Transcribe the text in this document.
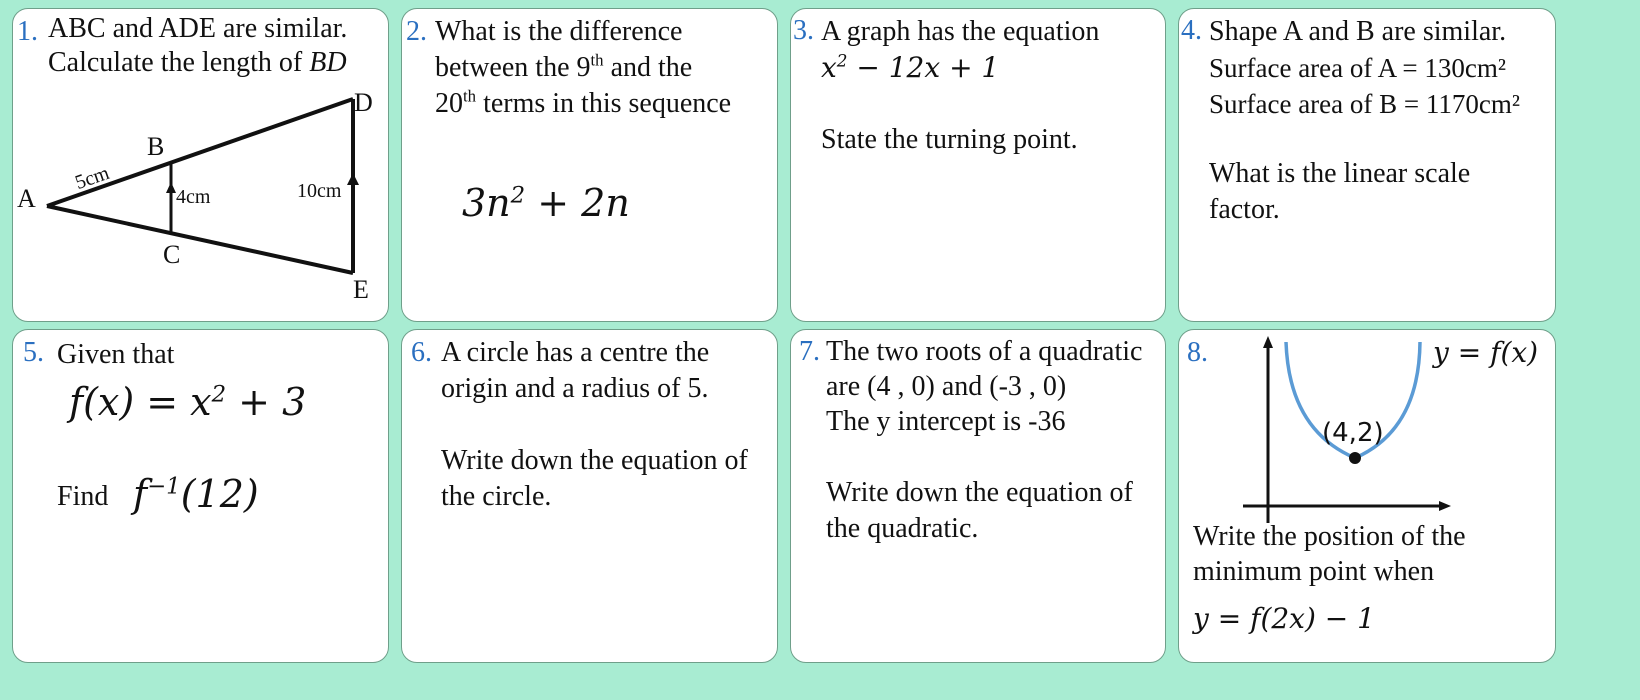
1. ABC and ADE are similar.
Calculate the length of BD
A
B
C
D
E
5cm
4cm	10cm
2. What is the difference
between the 9th and the
20th terms in this sequence
$3n^2 + 2n$
3. A graph has the equation
$x^2 - 12x + 1$
State the turning point.
4. Shape A and B are similar.
Surface area of A = 130cm²
Surface area of B = 1170cm²
What is the linear scale
factor.
5. Given that
$f(x) = x^2 + 3$
Find $f^{-1}(12)$
6. A circle has a centre the
origin and a radius of 5.
Write down the equation of
the circle.
7. The two roots of a quadratic
are (4 , 0) and (-3 , 0)
The y intercept is -36
Write down the equation of
the quadratic.
8.	y = f(x)
(4,2)
Write the position of the
minimum point when
y = f(2x) − 1
